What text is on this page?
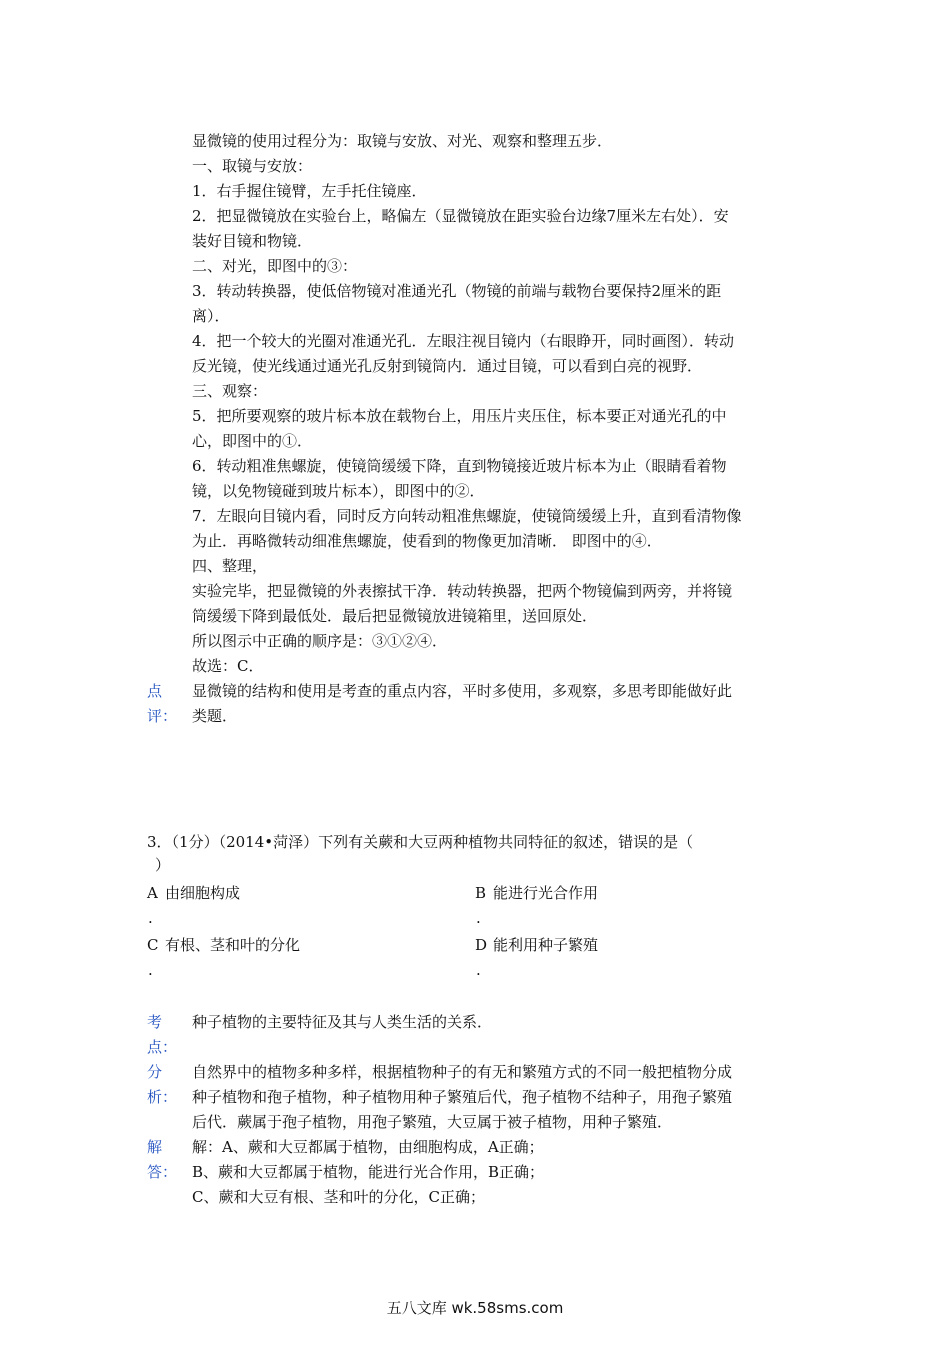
显微镜的使用过程分为：取镜与安放、对光、观察和整理五步．
一、取镜与安放：
1．右手握住镜臂，左手托住镜座．
2．把显微镜放在实验台上，略偏左（显微镜放在距实验台边缘7厘米左右处）．安
装好目镜和物镜．
二、对光，即图中的③：
3．转动转换器，使低倍物镜对准通光孔（物镜的前端与载物台要保持2厘米的距
离）．
4．把一个较大的光圈对准通光孔．左眼注视目镜内（右眼睁开，同时画图）．转动
反光镜，使光线通过通光孔反射到镜筒内．通过目镜，可以看到白亮的视野．
三、观察：
5．把所要观察的玻片标本放在载物台上，用压片夹压住，标本要正对通光孔的中
心，即图中的①．
6．转动粗准焦螺旋，使镜筒缓缓下降，直到物镜接近玻片标本为止（眼睛看着物
镜，以免物镜碰到玻片标本），即图中的②．
7．左眼向目镜内看，同时反方向转动粗准焦螺旋，使镜筒缓缓上升，直到看清物像
为止．再略微转动细准焦螺旋，使看到的物像更加清晰． 即图中的④．
四、整理，
实验完毕，把显微镜的外表擦拭干净．转动转换器，把两个物镜偏到两旁，并将镜
筒缓缓下降到最低处．最后把显微镜放进镜箱里，送回原处．
所以图示中正确的顺序是：③①②④．
故选：C．
点
评：
显微镜的结构和使用是考查的重点内容，平时多使用，多观察，多思考即能做好此
类题．
3．（1分）（2014•菏泽）下列有关蕨和大豆两种植物共同特征的叙述，错误的是（
）
A 由细胞构成
.
B 能进行光合作用
.
C 有根、茎和叶的分化
.
D 能利用种子繁殖
.
考
点：
种子植物的主要特征及其与人类生活的关系．
分
析：
自然界中的植物多种多样，根据植物种子的有无和繁殖方式的不同一般把植物分成
种子植物和孢子植物，种子植物用种子繁殖后代，孢子植物不结种子，用孢子繁殖
后代．蕨属于孢子植物，用孢子繁殖，大豆属于被子植物，用种子繁殖．
解
答：
解：A、蕨和大豆都属于植物，由细胞构成，A正确；
B、蕨和大豆都属于植物，能进行光合作用，B正确；
C、蕨和大豆有根、茎和叶的分化，C正确；
五八文库 wk.58sms.com
